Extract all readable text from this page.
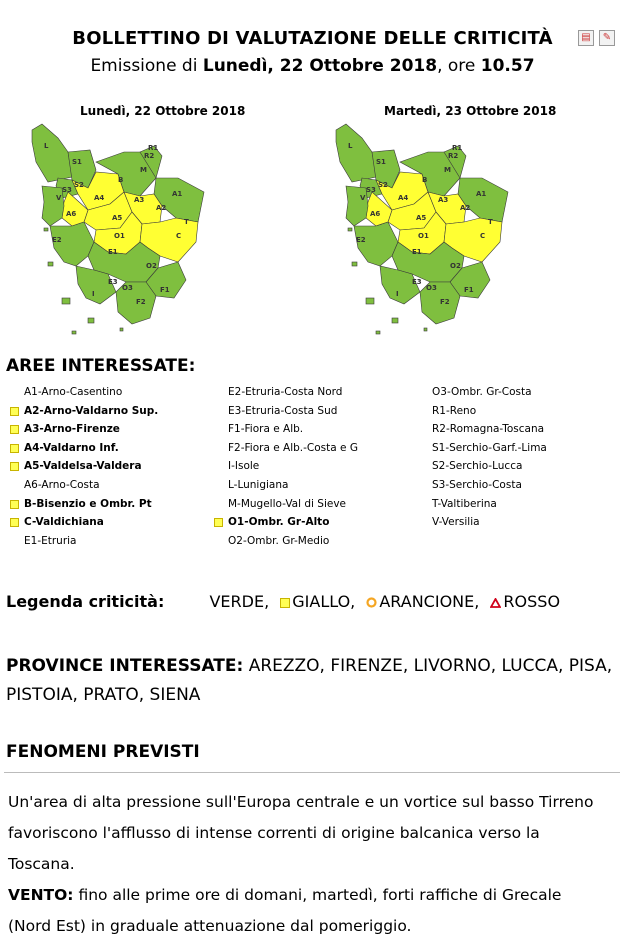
BOLLETTINO DI VALUTAZIONE DELLE CRITICITÀ
Emissione di Lunedì, 22 Ottobre 2018, ore 10.57
▤	✎
Lunedì, 22 Ottobre 2018	Martedì, 23 Ottobre 2018
L
S1
S2
S3
R2
M
R1
B
A1
A2
A3
A4
A5
A6
E2
E1
O1	C
O2
E3
O3	F1
F2
I
T
V
L
S1
S2
S3
R2
M
R1
B
A1
A2
A3
A4
A5
A6
E2
E1
O1	C
O2
E3
O3	F1
F2
I
T
V
AREE INTERESSATE:
A1-Arno-Casentino
A2-Arno-Valdarno Sup.
A3-Arno-Firenze
A4-Valdarno Inf.
A5-Valdelsa-Valdera
A6-Arno-Costa
B-Bisenzio e Ombr. Pt
C-Valdichiana
E1-Etruria
E2-Etruria-Costa Nord
E3-Etruria-Costa Sud
F1-Fiora e Alb.
F2-Fiora e Alb.-Costa e G
I-Isole
L-Lunigiana
M-Mugello-Val di Sieve
O1-Ombr. Gr-Alto
O2-Ombr. Gr-Medio
O3-Ombr. Gr-Costa
R1-Reno
R2-Romagna-Toscana
S1-Serchio-Garf.-Lima
S2-Serchio-Lucca
S3-Serchio-Costa
T-Valtiberina
V-Versilia
Legenda criticità:	VERDE, GIALLO, ARANCIONE, ROSSO
PROVINCE INTERESSATE: AREZZO, FIRENZE, LIVORNO, LUCCA, PISA, PISTOIA, PRATO, SIENA
FENOMENI PREVISTI
Un'area di alta pressione sull'Europa centrale e un vortice sul basso Tirreno favoriscono l'afflusso di intense correnti di origine balcanica verso la Toscana.
VENTO: fino alle prime ore di domani, martedì, forti raffiche di Grecale (Nord Est) in graduale attenuazione dal pomeriggio.
